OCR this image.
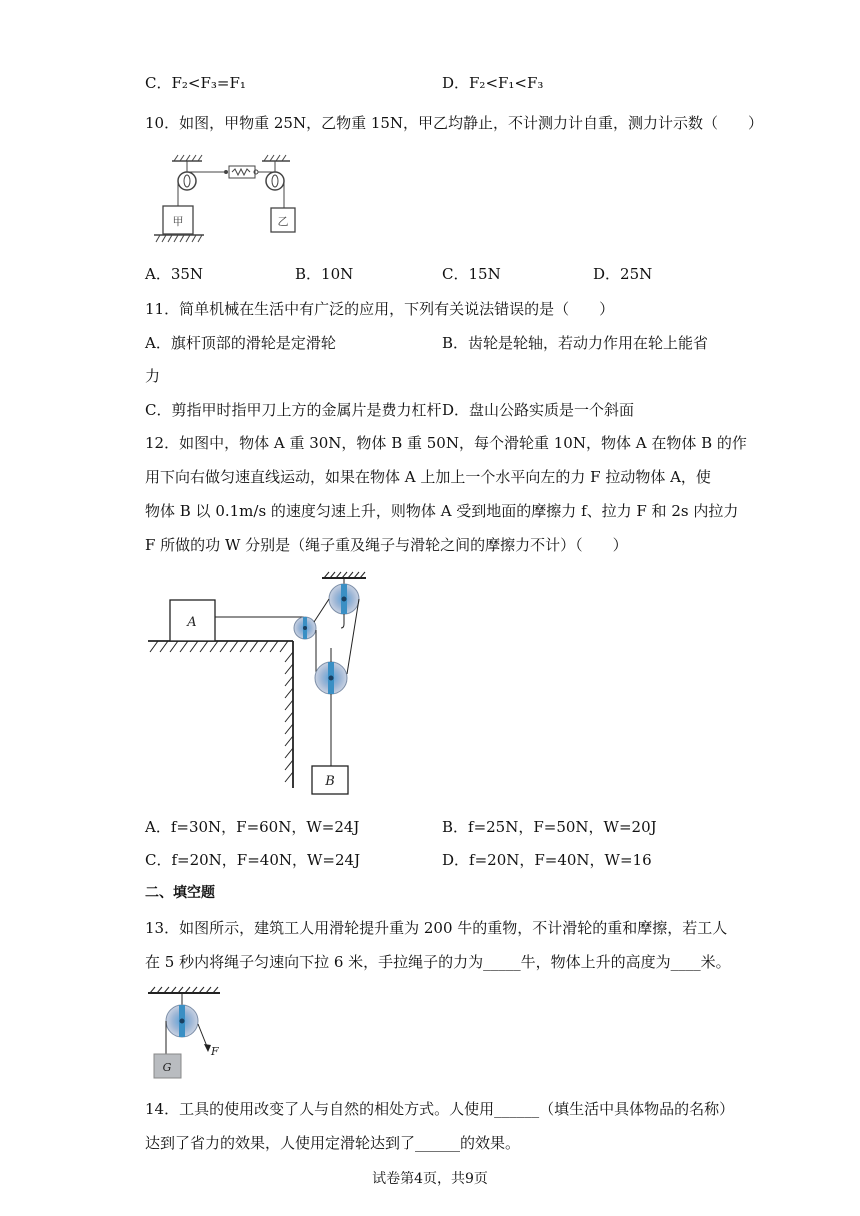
C．F₂<F₃=F₁	D．F₂<F₁<F₃
10．如图，甲物重 25N，乙物重 15N，甲乙均静止，不计测力计自重，测力计示数（　　）
甲	乙
A．35N	B．10N	C．15N	D．25N
11．简单机械在生活中有广泛的应用，下列有关说法错误的是（　　）
A．旗杆顶部的滑轮是定滑轮	B．齿轮是轮轴，若动力作用在轮上能省
力
C．剪指甲时指甲刀上方的金属片是费力杠杆 D．盘山公路实质是一个斜面
12．如图中，物体 A 重 30N，物体 B 重 50N，每个滑轮重 10N，物体 A 在物体 B 的作
用下向右做匀速直线运动，如果在物体 A 上加上一个水平向左的力 F 拉动物体 A，使
物体 B 以 0.1m/s 的速度匀速上升，则物体 A 受到地面的摩擦力 f、拉力 F 和 2s 内拉力
F 所做的功 W 分别是（绳子重及绳子与滑轮之间的摩擦力不计）（　　）
A
B
A．f=30N，F=60N，W=24J	B．f=25N，F=50N，W=20J
C．f=20N，F=40N，W=24J	D．f=20N，F=40N，W=16
二、填空题
13．如图所示，建筑工人用滑轮提升重为 200 牛的重物，不计滑轮的重和摩擦，若工人
在 5 秒内将绳子匀速向下拉 6 米，手拉绳子的力为_____牛，物体上升的高度为____米。
G
F
14．工具的使用改变了人与自然的相处方式。人使用______（填生活中具体物品的名称）
达到了省力的效果，人使用定滑轮达到了______的效果。
试卷第4页，共9页
